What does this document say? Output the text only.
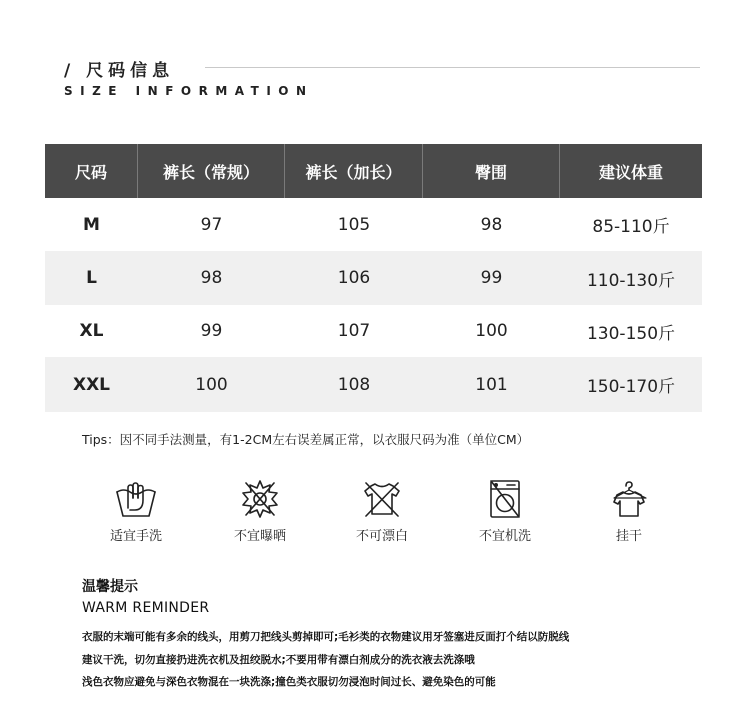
/ 尺码信息
SIZE INFORMATION
尺码	裤长（常规）	裤长（加长）	臀围	建议体重
M	97	105	98	85-110斤
L	98	106	99	110-130斤
XL	99	107	100	130-150斤
XXL	100	108	101	150-170斤
Tips：因不同手法测量，有1-2CM左右误差属正常，以衣服尺码为准（单位CM）
适宜手洗	不宜曝晒	不可漂白	不宜机洗	挂干
温馨提示
WARM REMINDER
衣服的末端可能有多余的线头，用剪刀把线头剪掉即可;毛衫类的衣物建议用牙签塞进反面打个结以防脱线
建议干洗，切勿直接扔进洗衣机及扭绞脱水;不要用带有漂白剂成分的洗衣液去洗涤哦
浅色衣物应避免与深色衣物混在一块洗涤;撞色类衣服切勿浸泡时间过长、避免染色的可能
